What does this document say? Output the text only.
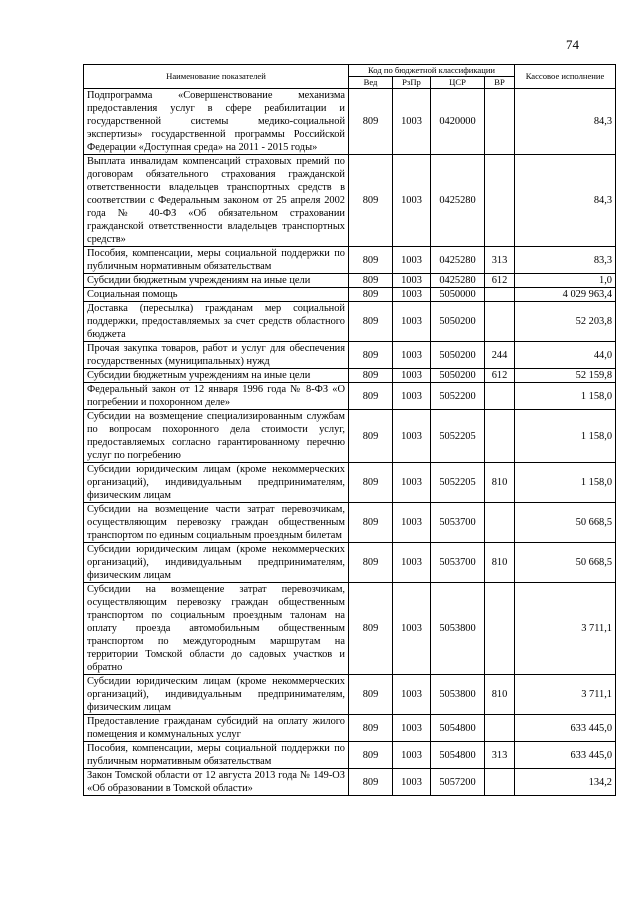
74
Наименование показателей	Код по бюджетной классификации				Кассовое исполнение
	Вед	РзПр	ЦСР	ВР	
Подпрограмма «Совершенствование механизма предоставления услуг в сфере реабилитации и государственной системы медико-социальной экспертизы» государственной программы Российской Федерации «Доступная среда» на 2011 - 2015 годы»	809	1003	0420000		84,3
Выплата инвалидам компенсаций страховых премий по договорам обязательного страхования гражданской ответственности владельцев транспортных средств в соответствии с Федеральным законом от 25 апреля 2002 года № 40-ФЗ «Об обязательном страховании гражданской ответственности владельцев транспортных средств»	809	1003	0425280		84,3
Пособия, компенсации, меры социальной поддержки по публичным нормативным обязательствам	809	1003	0425280	313	83,3
Субсидии бюджетным учреждениям на иные цели	809	1003	0425280	612	1,0
Социальная помощь	809	1003	5050000		4 029 963,4
Доставка (пересылка) гражданам мер социальной поддержки, предоставляемых за счет средств областного бюджета	809	1003	5050200		52 203,8
Прочая закупка товаров, работ и услуг для обеспечения государственных (муниципальных) нужд	809	1003	5050200	244	44,0
Субсидии бюджетным учреждениям на иные цели	809	1003	5050200	612	52 159,8
Федеральный закон от 12 января 1996 года № 8-ФЗ «О погребении и похоронном деле»	809	1003	5052200		1 158,0
Субсидии на возмещение специализированным службам по вопросам похоронного дела стоимости услуг, предоставляемых согласно гарантированному перечню услуг по погребению	809	1003	5052205		1 158,0
Субсидии юридическим лицам (кроме некоммерческих организаций), индивидуальным предпринимателям, физическим лицам	809	1003	5052205	810	1 158,0
Субсидии на возмещение части затрат перевозчикам, осуществляющим перевозку граждан общественным транспортом по единым социальным проездным билетам	809	1003	5053700		50 668,5
Субсидии юридическим лицам (кроме некоммерческих организаций), индивидуальным предпринимателям, физическим лицам	809	1003	5053700	810	50 668,5
Субсидии на возмещение затрат перевозчикам, осуществляющим перевозку граждан общественным транспортом по социальным проездным талонам на оплату проезда автомобильным общественным транспортом по междугородным маршрутам на территории Томской области до садовых участков и обратно	809	1003	5053800		3 711,1
Субсидии юридическим лицам (кроме некоммерческих организаций), индивидуальным предпринимателям, физическим лицам	809	1003	5053800	810	3 711,1
Предоставление гражданам субсидий на оплату жилого помещения и коммунальных услуг	809	1003	5054800		633 445,0
Пособия, компенсации, меры социальной поддержки по публичным нормативным обязательствам	809	1003	5054800	313	633 445,0
Закон Томской области от 12 августа 2013 года № 149-ОЗ «Об образовании в Томской области»	809	1003	5057200		134,2
